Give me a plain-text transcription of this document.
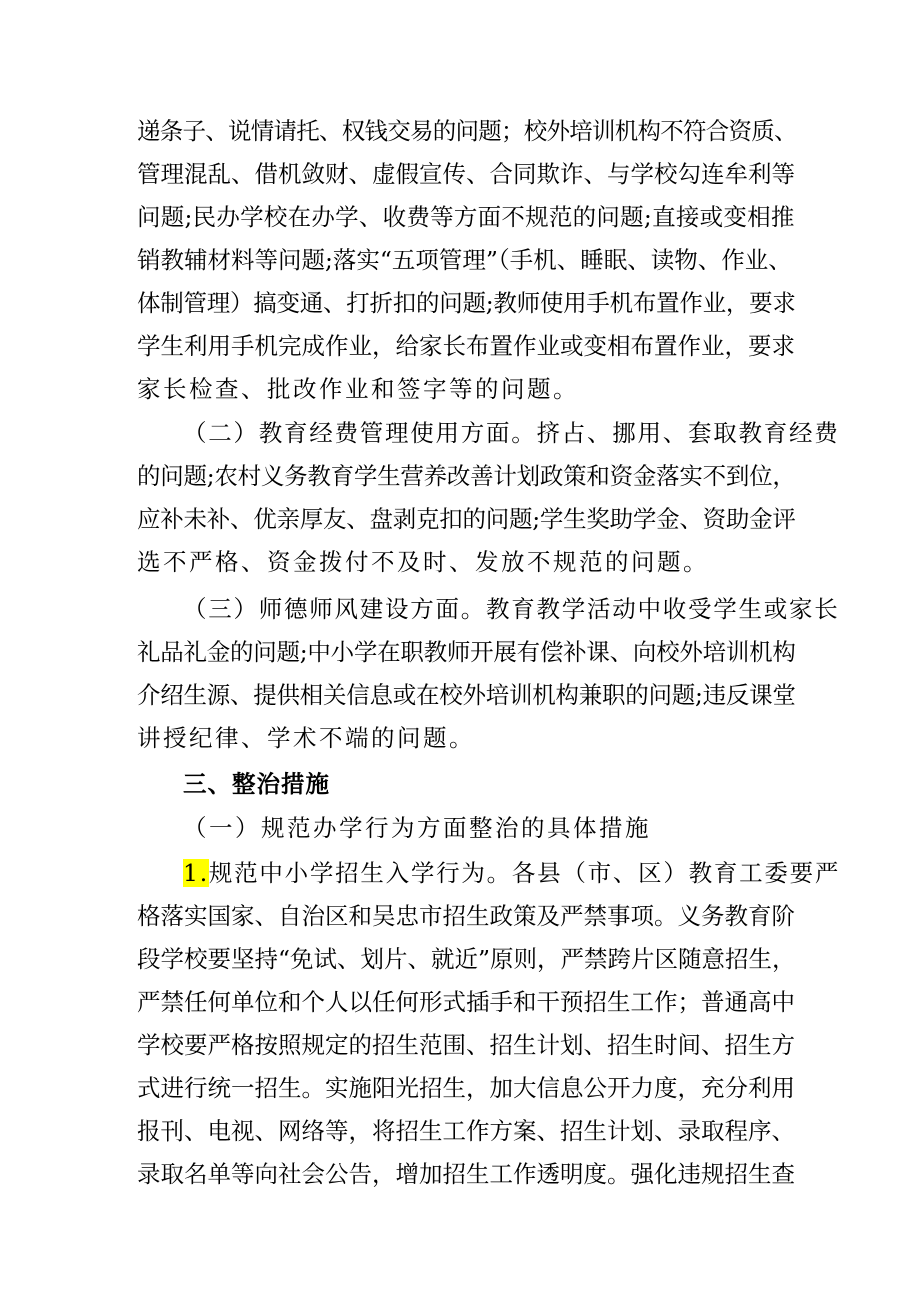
递条子、说情请托、权钱交易的问题；校外培训机构不符合资质、
管理混乱、借机敛财、虚假宣传、合同欺诈、与学校勾连牟利等
问题;民办学校在办学、收费等方面不规范的问题;直接或变相推
销教辅材料等问题;落实“五项管理”（手机、睡眠、读物、作业、
体制管理）搞变通、打折扣的问题;教师使用手机布置作业，要求
学生利用手机完成作业，给家长布置作业或变相布置作业，要求
家长检查、批改作业和签字等的问题。
（二）教育经费管理使用方面。挤占、挪用、套取教育经费
的问题;农村义务教育学生营养改善计划政策和资金落实不到位，
应补未补、优亲厚友、盘剥克扣的问题;学生奖助学金、资助金评
选不严格、资金拨付不及时、发放不规范的问题。
（三）师德师风建设方面。教育教学活动中收受学生或家长
礼品礼金的问题;中小学在职教师开展有偿补课、向校外培训机构
介绍生源、提供相关信息或在校外培训机构兼职的问题;违反课堂
讲授纪律、学术不端的问题。
三、整治措施
（一）规范办学行为方面整治的具体措施
1.规范中小学招生入学行为。各县（市、区）教育工委要严
格落实国家、自治区和吴忠市招生政策及严禁事项。义务教育阶
段学校要坚持“免试、划片、就近”原则，严禁跨片区随意招生，
严禁任何单位和个人以任何形式插手和干预招生工作；普通高中
学校要严格按照规定的招生范围、招生计划、招生时间、招生方
式进行统一招生。实施阳光招生，加大信息公开力度，充分利用
报刊、电视、网络等，将招生工作方案、招生计划、录取程序、
录取名单等向社会公告，增加招生工作透明度。强化违规招生查
